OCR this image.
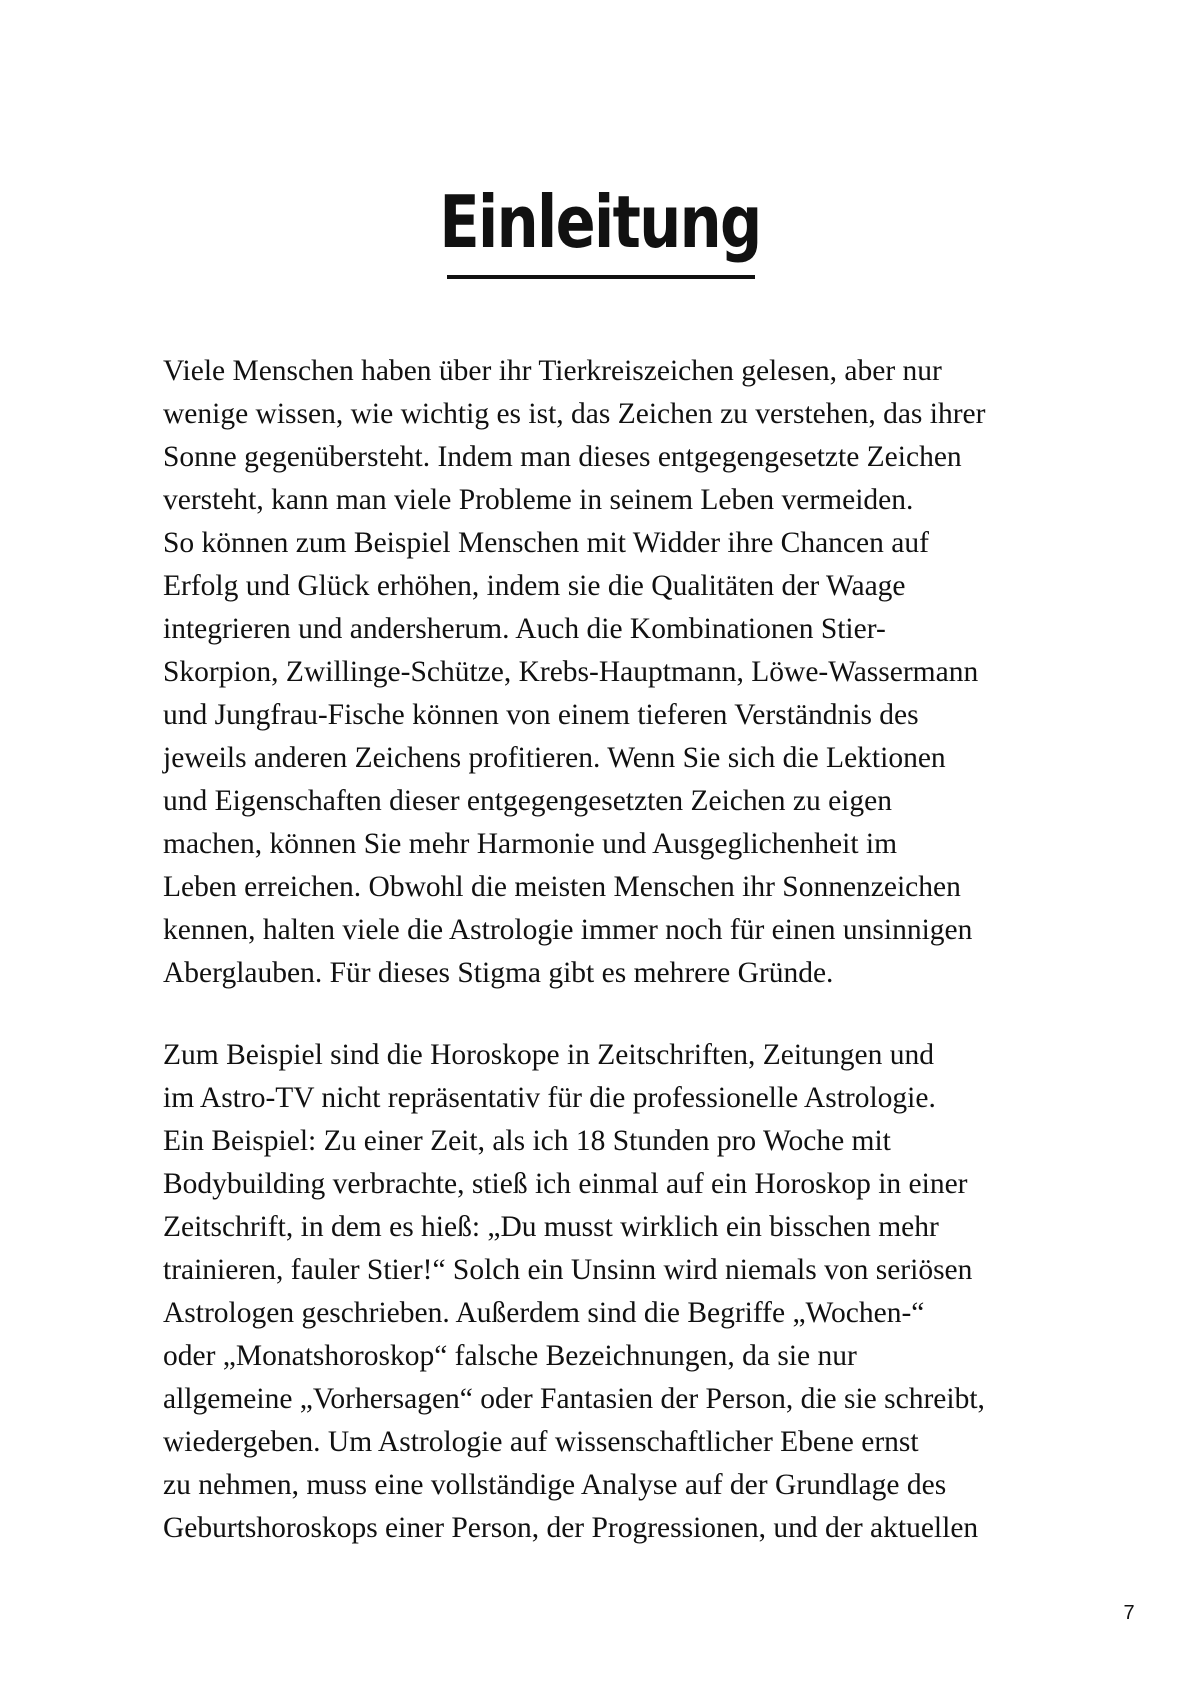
Einleitung
Viele Menschen haben über ihr Tierkreiszeichen gelesen, aber nur
wenige wissen, wie wichtig es ist, das Zeichen zu verstehen, das ihrer
Sonne gegenübersteht. Indem man dieses entgegengesetzte Zeichen
versteht, kann man viele Probleme in seinem Leben vermeiden.
So können zum Beispiel Menschen mit Widder ihre Chancen auf
Erfolg und Glück erhöhen, indem sie die Qualitäten der Waage
integrieren und andersherum. Auch die Kombinationen Stier-
Skorpion, Zwillinge-Schütze, Krebs-Hauptmann, Löwe-Wassermann
und Jungfrau-Fische können von einem tieferen Verständnis des
jeweils anderen Zeichens profitieren. Wenn Sie sich die Lektionen
und Eigenschaften dieser entgegengesetzten Zeichen zu eigen
machen, können Sie mehr Harmonie und Ausgeglichenheit im
Leben erreichen. Obwohl die meisten Menschen ihr Sonnenzeichen
kennen, halten viele die Astrologie immer noch für einen unsinnigen
Aberglauben. Für dieses Stigma gibt es mehrere Gründe.
Zum Beispiel sind die Horoskope in Zeitschriften, Zeitungen und
im Astro-TV nicht repräsentativ für die professionelle Astrologie.
Ein Beispiel: Zu einer Zeit, als ich 18 Stunden pro Woche mit
Bodybuilding verbrachte, stieß ich einmal auf ein Horoskop in einer
Zeitschrift, in dem es hieß: „Du musst wirklich ein bisschen mehr
trainieren, fauler Stier!“ Solch ein Unsinn wird niemals von seriösen
Astrologen geschrieben. Außerdem sind die Begriffe „Wochen-“
oder „Monatshoroskop“ falsche Bezeichnungen, da sie nur
allgemeine „Vorhersagen“ oder Fantasien der Person, die sie schreibt,
wiedergeben. Um Astrologie auf wissenschaftlicher Ebene ernst
zu nehmen, muss eine vollständige Analyse auf der Grundlage des
Geburtshoroskops einer Person, der Progressionen, und der aktuellen
7
